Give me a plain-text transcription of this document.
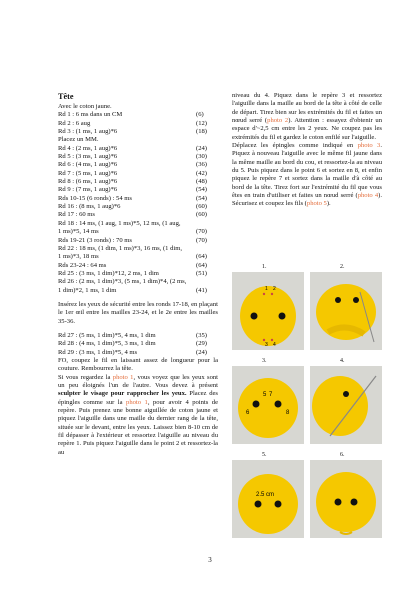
Tête
Avec le coton jaune.
Rd 1 : 6 ms dans un CM	(6)
Rd 2 : 6 aug	(12)
Rd 3 : (1 ms, 1 aug)*6	(18)
Placez un MM.
Rd 4 : (2 ms, 1 aug)*6	(24)
Rd 5 : (3 ms, 1 aug)*6	(30)
Rd 6 : (4 ms, 1 aug)*6	(36)
Rd 7 : (5 ms, 1 aug)*6	(42)
Rd 8 : (6 ms, 1 aug)*6	(48)
Rd 9 : (7 ms, 1 aug)*6	(54)
Rds 10-15 (6 ronds) : 54 ms	(54)
Rd 16 : (8 ms, 1 aug)*6	(60)
Rd 17 : 60 ms	(60)
Rd 18 : 14 ms, (1 aug, 1 ms)*5, 12 ms, (1 aug,
1 ms)*5, 14 ms	(70)
Rds 19-21 (3 ronds) : 70 ms	(70)
Rd 22 : 18 ms, (1 dim, 1 ms)*3, 16 ms, (1 dim,
1 ms)*3, 18 ms	(64)
Rds 23-24 : 64 ms	(64)
Rd 25 : (3 ms, 1 dim)*12, 2 ms, 1 dim	(51)
Rd 26 : (2 ms, 1 dim)*3, (5 ms, 1 dim)*4, (2 ms,
1 dim)*2, 1 ms, 1 dim	(41)
Insérez les yeux de sécurité entre les ronds 17-18, en plaçant le 1er œil entre les mailles 23-24, et le 2e entre les mailles 35-36.
Rd 27 : (5 ms, 1 dim)*5, 4 ms, 1 dim	(35)
Rd 28 : (4 ms, 1 dim)*5, 3 ms, 1 dim	(29)
Rd 29 : (3 ms, 1 dim)*5, 4 ms	(24)
FO, coupez le fil en laissant assez de longueur pour la couture. Rembourrez la tête.
Si vous regardez la photo 1, vous voyez que les yeux sont un peu éloignés l'un de l'autre. Vous devez à présent sculpter le visage pour rapprocher les yeux. Placez des épingles comme sur la photo 1, pour avoir 4 points de repère. Puis prenez une bonne aiguillée de coton jaune et piquez l'aiguille dans une maille du dernier rang de la tête, située sur le devant, entre les yeux. Laissez bien 8-10 cm de fil dépasser à l'extérieur et ressortez l'aiguille au niveau du repère 1. Puis piquez l'aiguille dans le point 2 et ressortez-la au
niveau du 4. Piquez dans le repère 3 et ressortez l'aiguille dans la maille au bord de la tête à côté de celle de départ. Tirez bien sur les extrémités du fil et faites un nœud serré (photo 2). Attention : essayez d'obtenir un espace d'~2,5 cm entre les 2 yeux. Ne coupez pas les extrémités du fil et gardez le coton enfilé sur l'aiguille.
Déplacez les épingles comme indiqué en photo 3. Piquez à nouveau l'aiguille avec le même fil jaune dans la même maille au bord du cou, et ressortez-la au niveau du 5. Puis piquez dans le point 6 et sortez en 8, et enfin piquez le repère 7 et sortez dans la maille d'à côté au bord de la tête. Tirez fort sur l'extrémité du fil que vous êtes en train d'utiliser et faites un nœud serré (photo 4). Sécurisez et coupez les fils (photo 5).
1.
1 2
3 4
2.
3.
5 7
6	8
4.
5.
2.5 cm
6.
3
